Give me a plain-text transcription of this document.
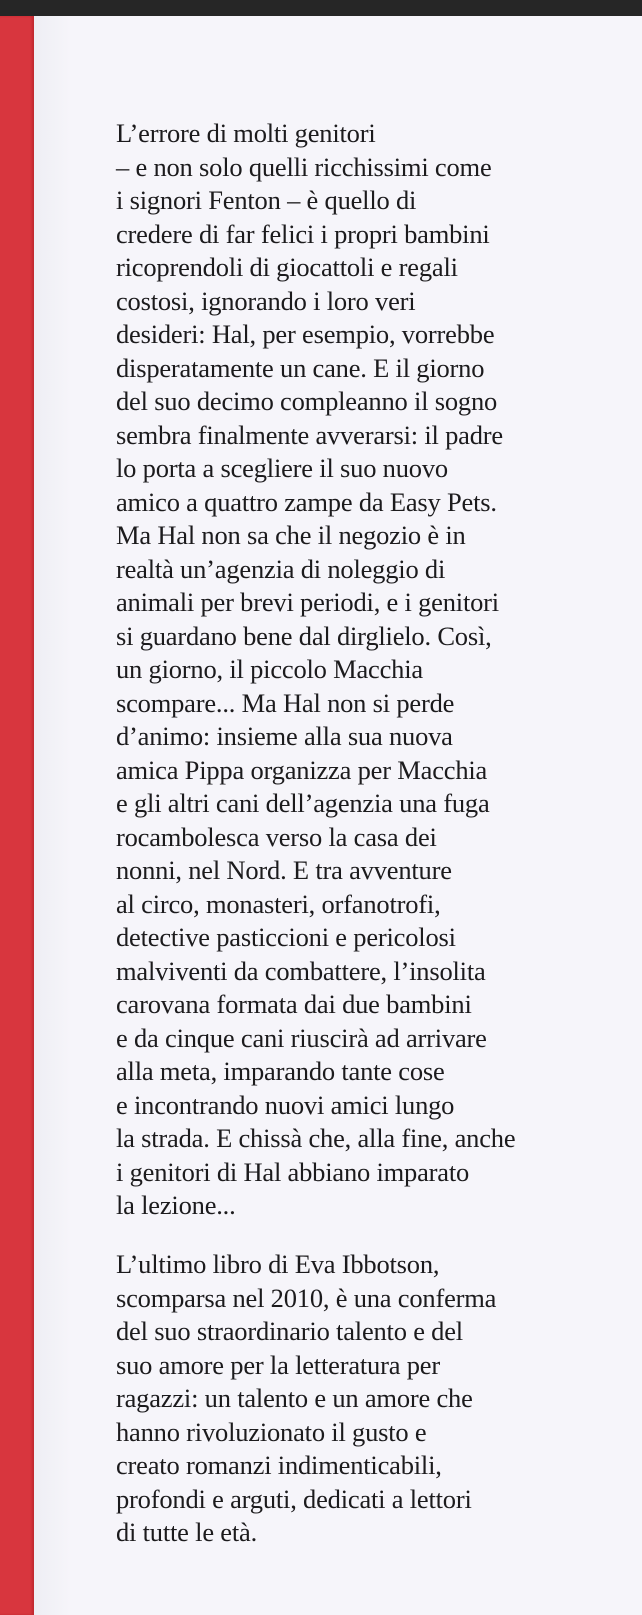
L’errore di molti genitori
– e non solo quelli ricchissimi come
i signori Fenton – è quello di
credere di far felici i propri bambini
ricoprendoli di giocattoli e regali
costosi, ignorando i loro veri
desideri: Hal, per esempio, vorrebbe
disperatamente un cane. E il giorno
del suo decimo compleanno il sogno
sembra finalmente avverarsi: il padre
lo porta a scegliere il suo nuovo
amico a quattro zampe da Easy Pets.
Ma Hal non sa che il negozio è in
realtà un’agenzia di noleggio di
animali per brevi periodi, e i genitori
si guardano bene dal dirglielo. Così,
un giorno, il piccolo Macchia
scompare... Ma Hal non si perde
d’animo: insieme alla sua nuova
amica Pippa organizza per Macchia
e gli altri cani dell’agenzia una fuga
rocambolesca verso la casa dei
nonni, nel Nord. E tra avventure
al circo, monasteri, orfanotrofi,
detective pasticcioni e pericolosi
malviventi da combattere, l’insolita
carovana formata dai due bambini
e da cinque cani riuscirà ad arrivare
alla meta, imparando tante cose
e incontrando nuovi amici lungo
la strada. E chissà che, alla fine, anche
i genitori di Hal abbiano imparato
la lezione...
L’ultimo libro di Eva Ibbotson,
scomparsa nel 2010, è una conferma
del suo straordinario talento e del
suo amore per la letteratura per
ragazzi: un talento e un amore che
hanno rivoluzionato il gusto e
creato romanzi indimenticabili,
profondi e arguti, dedicati a lettori
di tutte le età.
